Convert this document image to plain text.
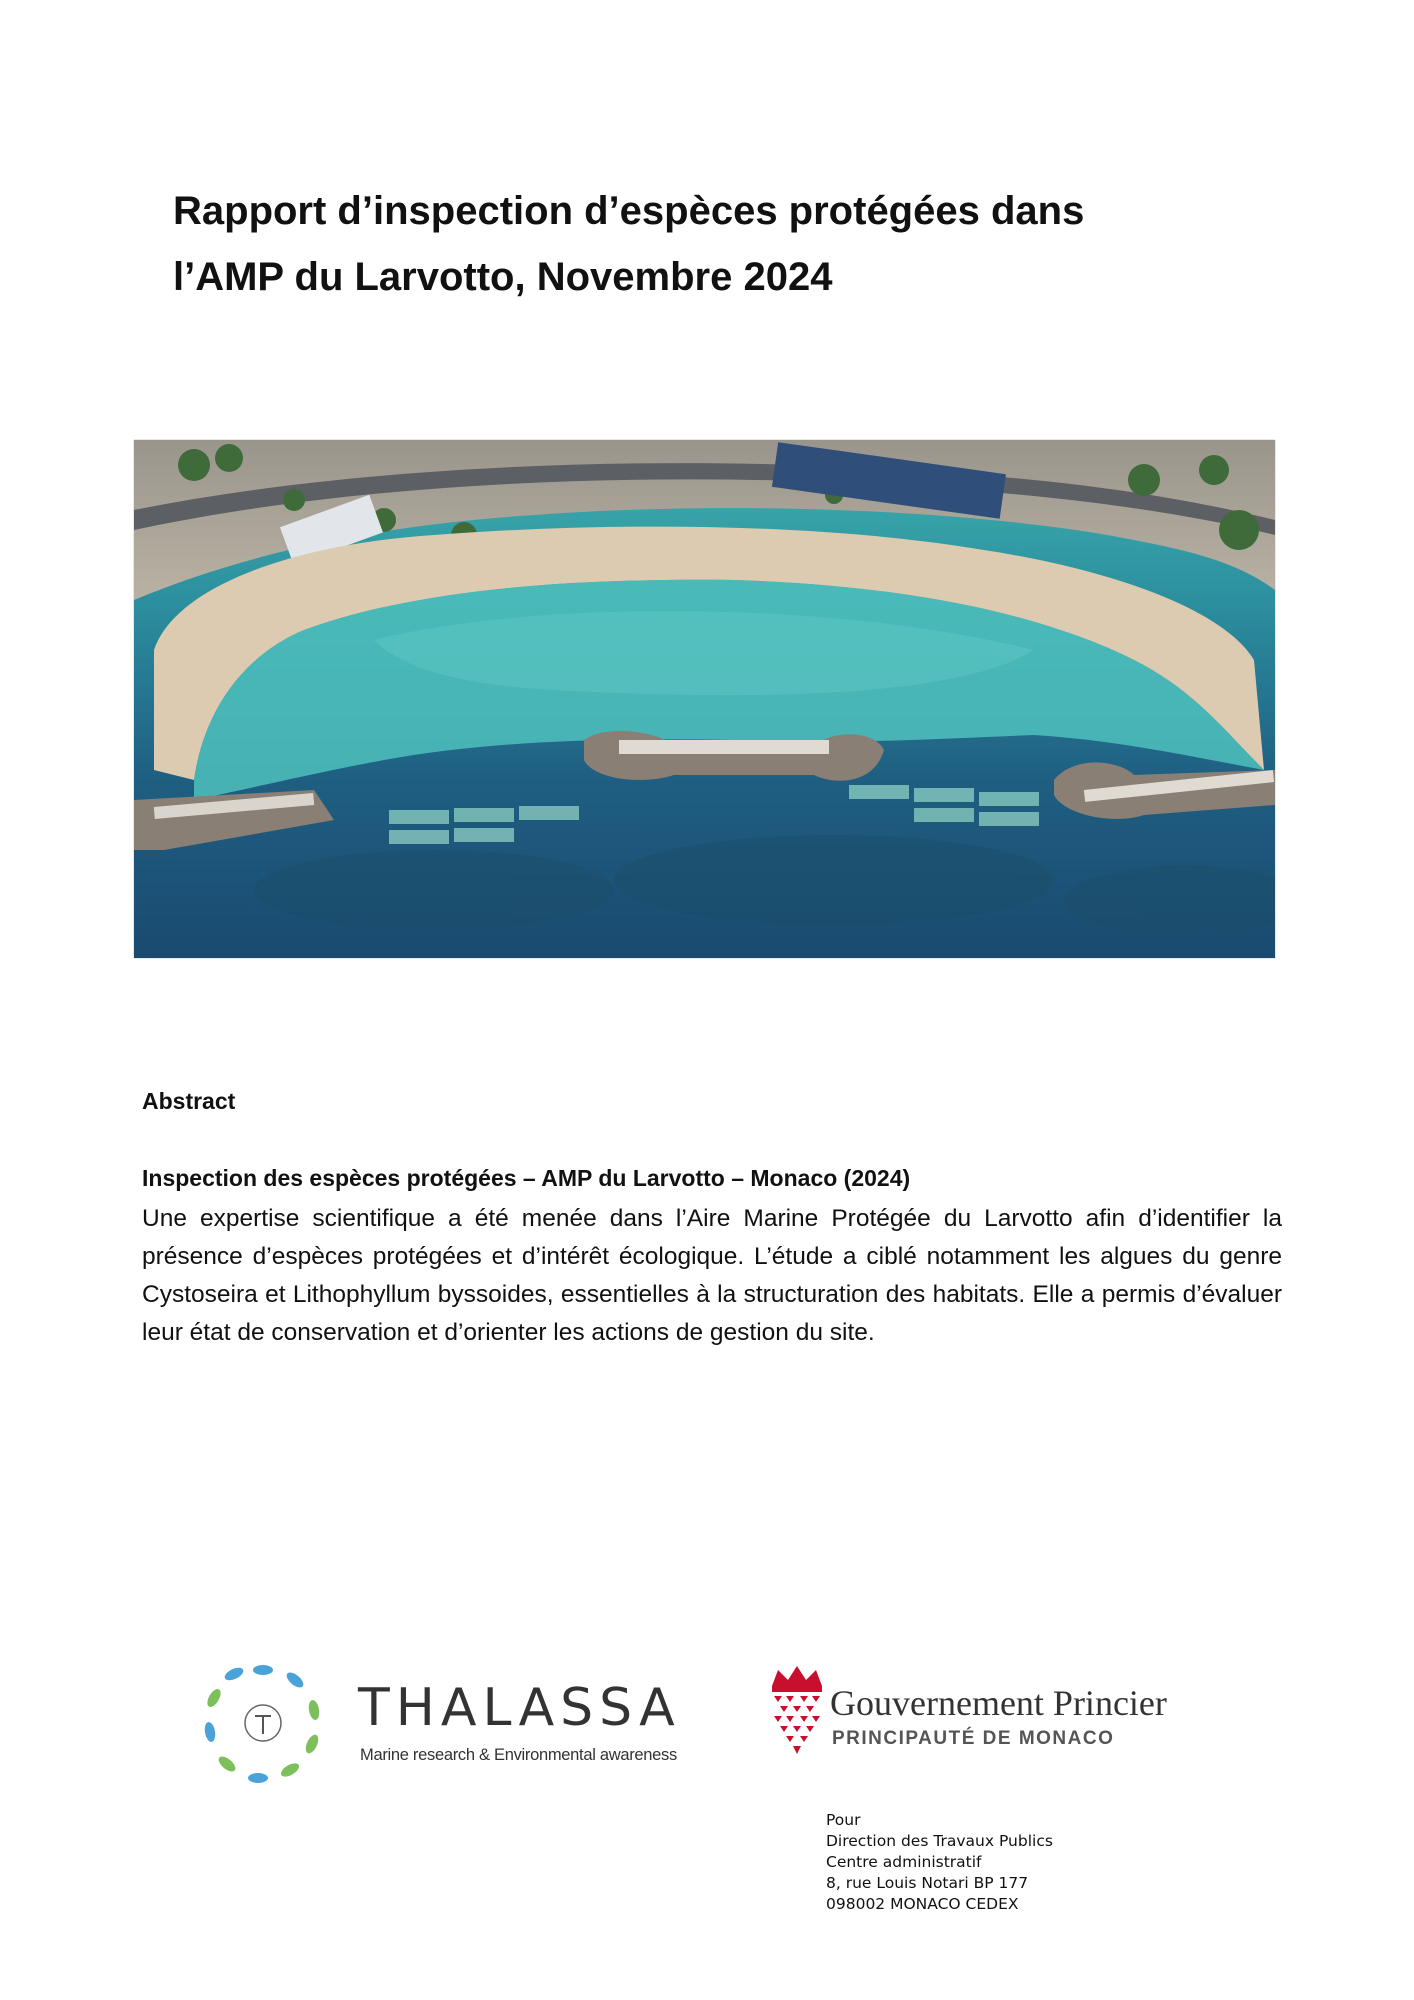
Rapport d’inspection d’espèces protégées dans
l’AMP du Larvotto, Novembre 2024
Abstract
Inspection des espèces protégées – AMP du Larvotto – Monaco (2024)
Une expertise scientifique a été menée dans l’Aire Marine Protégée du Larvotto afin d’identifier la présence d’espèces protégées et d’intérêt écologique. L’étude a ciblé notamment les algues du genre Cystoseira et Lithophyllum byssoides, essentielles à la structuration des habitats. Elle a permis d’évaluer leur état de conservation et d’orienter les actions de gestion du site.
THALASSA
Marine research & Environmental awareness
Gouvernement Princier
PRINCIPAUTÉ DE MONACO
Pour
Direction des Travaux Publics
Centre administratif
8, rue Louis Notari BP 177
098002 MONACO CEDEX
